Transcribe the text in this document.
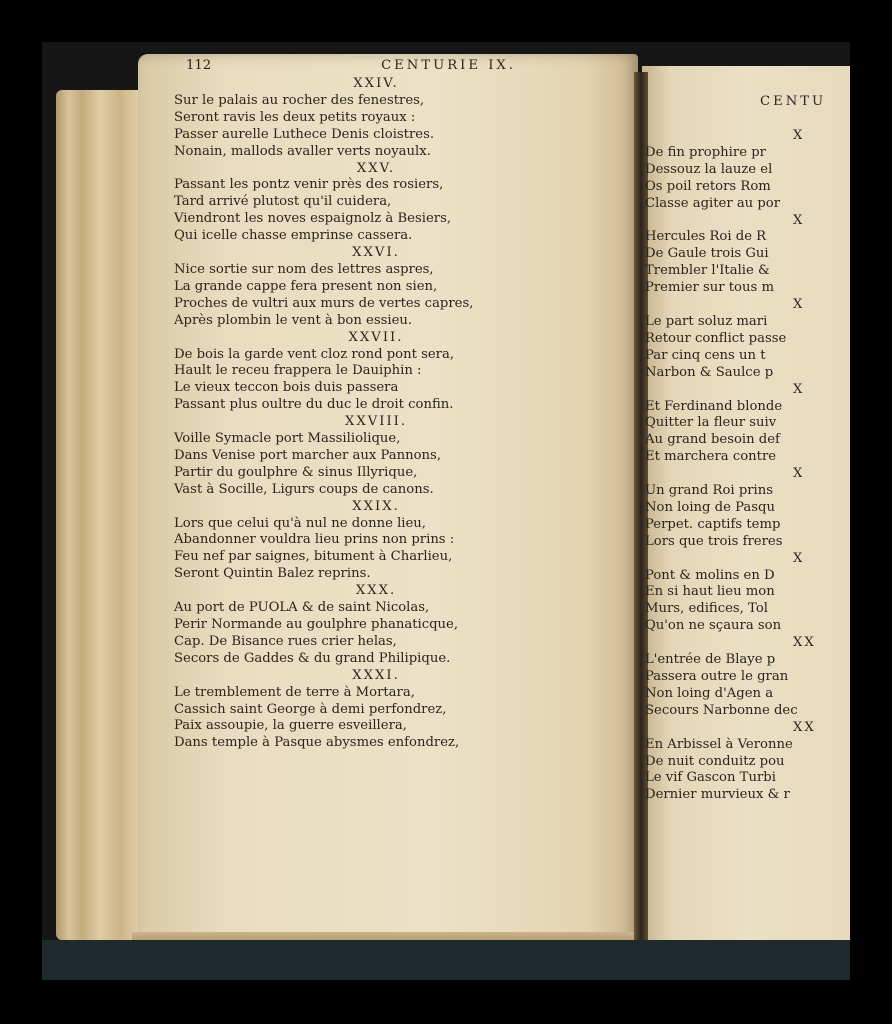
112	CENTURIE IX.
XXIV.
Sur le palais au rocher des fenestres,
Seront ravis les deux petits royaux :
Passer aurelle Luthece Denis cloistres.
Nonain, mallods avaller verts noyaulx.
XXV.
Passant les pontz venir près des rosiers,
Tard arrivé plutost qu'il cuidera,
Viendront les noves espaignolz à Besiers,
Qui icelle chasse emprinse cassera.
XXVI.
Nice sortie sur nom des lettres aspres,
La grande cappe fera present non sien,
Proches de vultri aux murs de vertes capres,
Après plombin le vent à bon essieu.
XXVII.
De bois la garde vent cloz rond pont sera,
Hault le receu frappera le Dauiphin :
Le vieux teccon bois duis passera
Passant plus oultre du duc le droit confin.
XXVIII.
Voille Symacle port Massiliolique,
Dans Venise port marcher aux Pannons,
Partir du goulphre & sinus Illyrique,
Vast à Socille, Ligurs coups de canons.
XXIX.
Lors que celui qu'à nul ne donne lieu,
Abandonner vouldra lieu prins non prins :
Feu nef par saignes, bitument à Charlieu,
Seront Quintin Balez reprins.
XXX.
Au port de PUOLA & de saint Nicolas,
Perir Normande au goulphre phanaticque,
Cap. De Bisance rues crier helas,
Secors de Gaddes & du grand Philipique.
XXXI.
Le tremblement de terre à Mortara,
Cassich saint George à demi perfondrez,
Paix assoupie, la guerre esveillera,
Dans temple à Pasque abysmes enfondrez,
CENTU
X
De fin prophire pr
Dessouz la lauze el
Os poil retors Rom
Classe agiter au por
X
Hercules Roi de R
De Gaule trois Gui
Trembler l'Italie &
Premier sur tous m
X
Le part soluz mari
Retour conflict passe
Par cinq cens un t
Narbon & Saulce p
X
Et Ferdinand blonde
Quitter la fleur suiv
Au grand besoin def
Et marchera contre
X
Un grand Roi prins
Non loing de Pasqu
Perpet. captifs temp
Lors que trois freres
X
Pont & molins en D
En si haut lieu mon
Murs, edifices, Tol
Qu'on ne sçaura son
XX
L'entrée de Blaye p
Passera outre le gran
Non loing d'Agen a
Secours Narbonne dec
XX
En Arbissel à Veronne
De nuit conduitz pou
Le vif Gascon Turbi
Dernier murvieux & r
